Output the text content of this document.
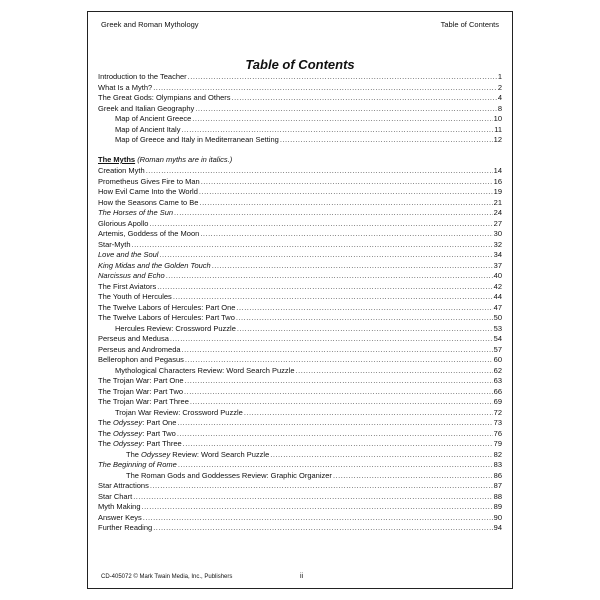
Greek and Roman Mythology	Table of Contents
Table of Contents
Introduction to the Teacher .....	1
What Is a Myth? .....	2
The Great Gods: Olympians and Others .....	4
Greek and Italian Geography .....	8
Map of Ancient Greece .....	10
Map of Ancient Italy .....	11
Map of Greece and Italy in Mediterranean Setting .....	12
The Myths (Roman myths are in italics.)
Creation Myth .....	14
Prometheus Gives Fire to Man .....	16
How Evil Came Into the World .....	19
How the Seasons Came to Be .....	21
The Horses of the Sun .....	24
Glorious Apollo .....	27
Artemis, Goddess of the Moon .....	30
Star-Myth .....	32
Love and the Soul .....	34
King Midas and the Golden Touch .....	37
Narcissus and Echo .....	40
The First Aviators .....	42
The Youth of Hercules .....	44
The Twelve Labors of Hercules: Part One .....	47
The Twelve Labors of Hercules: Part Two .....	50
Hercules Review: Crossword Puzzle .....	53
Perseus and Medusa .....	54
Perseus and Andromeda .....	57
Bellerophon and Pegasus .....	60
Mythological Characters Review: Word Search Puzzle .....	62
The Trojan War: Part One .....	63
The Trojan War: Part Two .....	66
The Trojan War: Part Three .....	69
Trojan War Review: Crossword Puzzle .....	72
The Odyssey: Part One .....	73
The Odyssey: Part Two .....	76
The Odyssey: Part Three .....	79
The Odyssey Review: Word Search Puzzle .....	82
The Beginning of Rome .....	83
The Roman Gods and Goddesses Review: Graphic Organizer .....	86
Star Attractions .....	87
Star Chart .....	88
Myth Making .....	89
Answer Keys .....	90
Further Reading .....	94
CD-405072 © Mark Twain Media, Inc., Publishers	ii
